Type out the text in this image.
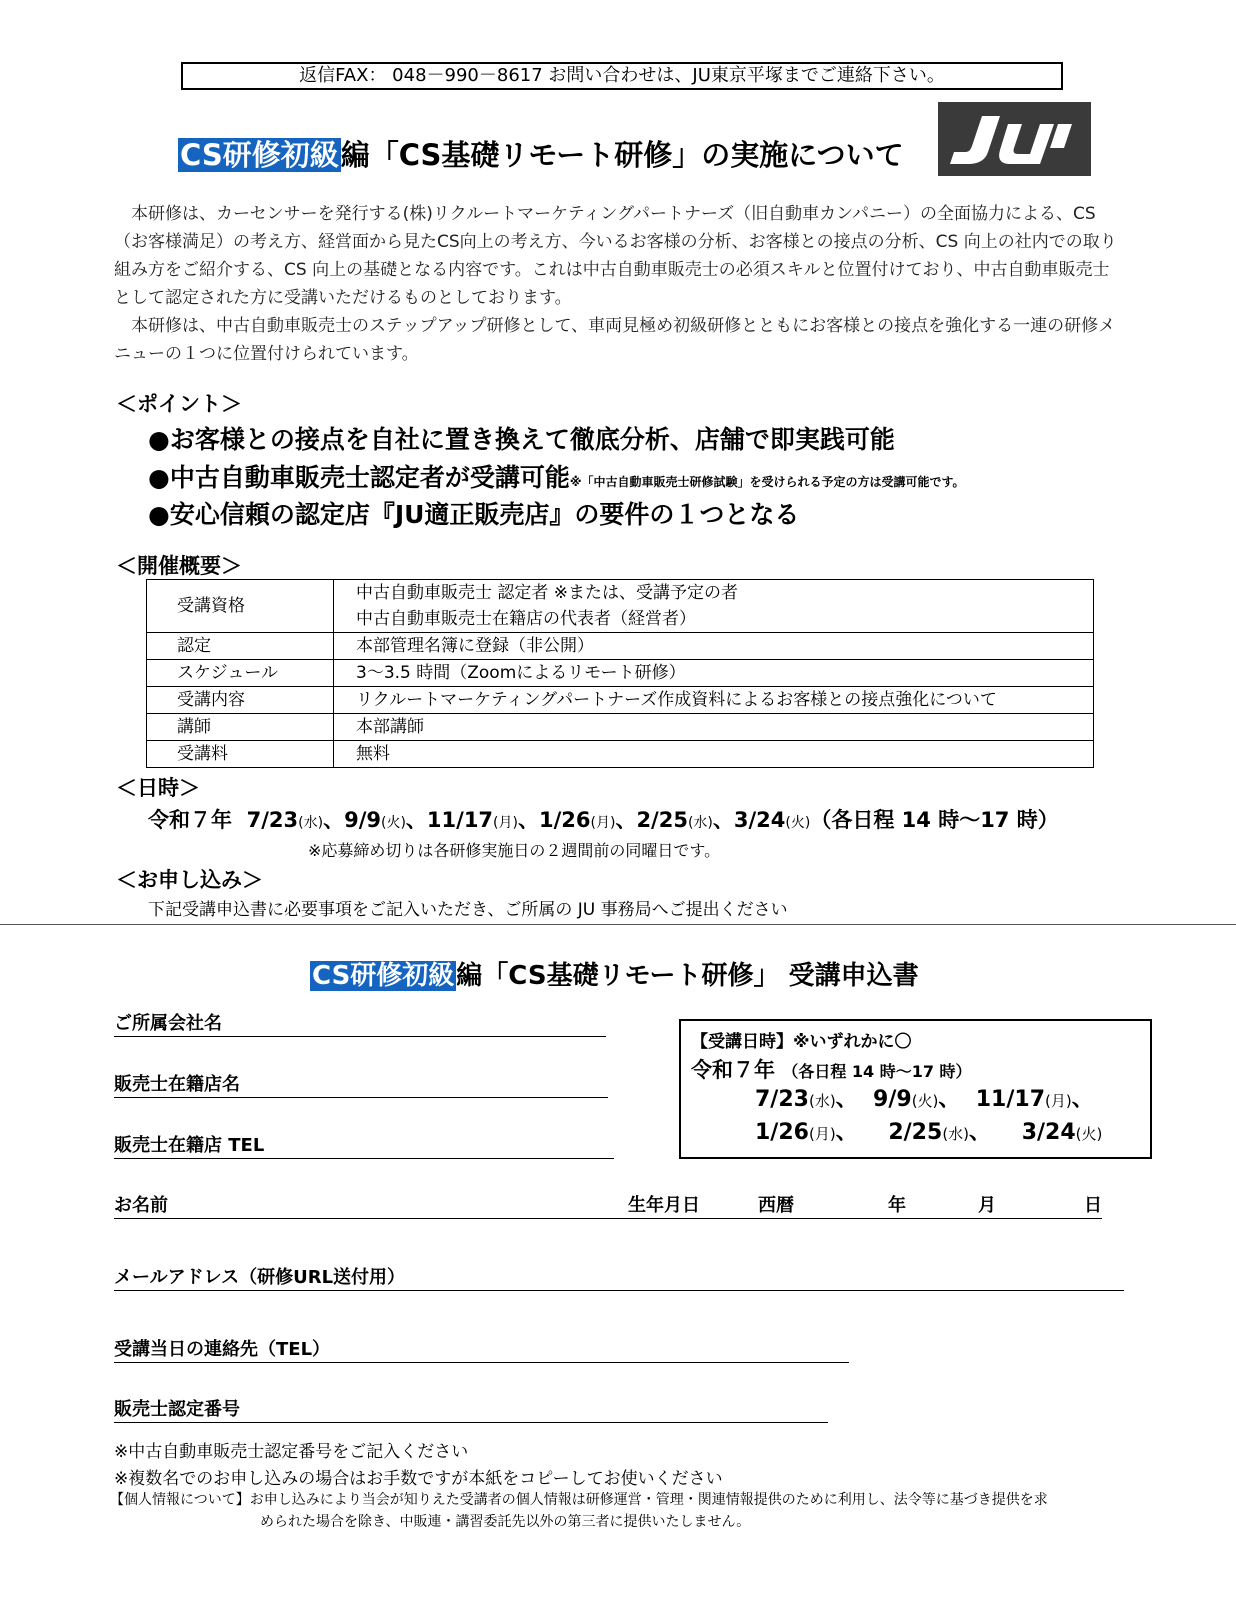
返信FAX： 048－990－8617 お問い合わせは、JU東京平塚までご連絡下さい。
CS研修初級編「CS基礎リモート研修」の実施について

本研修は、カーセンサーを発行する(株)リクルートマーケティングパートナーズ（旧自動車カンパニー）の全面協力による、CS（お客様満足）の考え方、経営面から見たCS向上の考え方、今いるお客様の分析、お客様との接点の分析、CS 向上の社内での取り組み方をご紹介する、CS 向上の基礎となる内容です。これは中古自動車販売士の必須スキルと位置付けており、中古自動車販売士として認定された方に受講いただけるものとしております。

本研修は、中古自動車販売士のステップアップ研修として、車両見極め初級研修とともにお客様との接点を強化する一連の研修メニューの１つに位置付けられています。

＜ポイント＞
●お客様との接点を自社に置き換えて徹底分析、店舗で即実践可能
●中古自動車販売士認定者が受講可能※「中古自動車販売士研修試験」を受けられる予定の方は受講可能です。
●安心信頼の認定店『JU適正販売店』の要件の１つとなる
＜開催概要＞
受講資格	中古自動車販売士 認定者 ※または、受講予定の者
中古自動車販売士在籍店の代表者（経営者）

認定	本部管理名簿に登録（非公開）
スケジュール	3～3.5 時間（Zoomによるリモート研修）
受講内容	リクルートマーケティングパートナーズ作成資料によるお客様との接点強化について
講師	本部講師
受講料	無料
＜日時＞
令和７年 7/23(水)、9/9(火)、11/17(月)、1/26(月)、2/25(水)、3/24(火)（各日程 14 時～17 時）
※応募締め切りは各研修実施日の２週間前の同曜日です。
＜お申し込み＞
下記受講申込書に必要事項をご記入いただき、ご所属の JU 事務局へご提出ください
CS研修初級編「CS基礎リモート研修」 受講申込書
ご所属会社名
販売士在籍店名
販売士在籍店 TEL
【受講日時】※いずれかに〇
令和７年 （各日程 14 時～17 時）
7/23(水)、 9/9(火)、 11/17(月)、
1/26(月)、 2/25(水)、 3/24(火)
お名前	生年月日	西暦	年	月	日
メールアドレス（研修URL送付用）
受講当日の連絡先（TEL）
販売士認定番号
※中古自動車販売士認定番号をご記入ください
※複数名でのお申し込みの場合はお手数ですが本紙をコピーしてお使いください
【個人情報について】お申し込みにより当会が知りえた受講者の個人情報は研修運営・管理・関連情報提供のために利用し、法令等に基づき提供を求
められた場合を除き、中販連・講習委託先以外の第三者に提供いたしません。
